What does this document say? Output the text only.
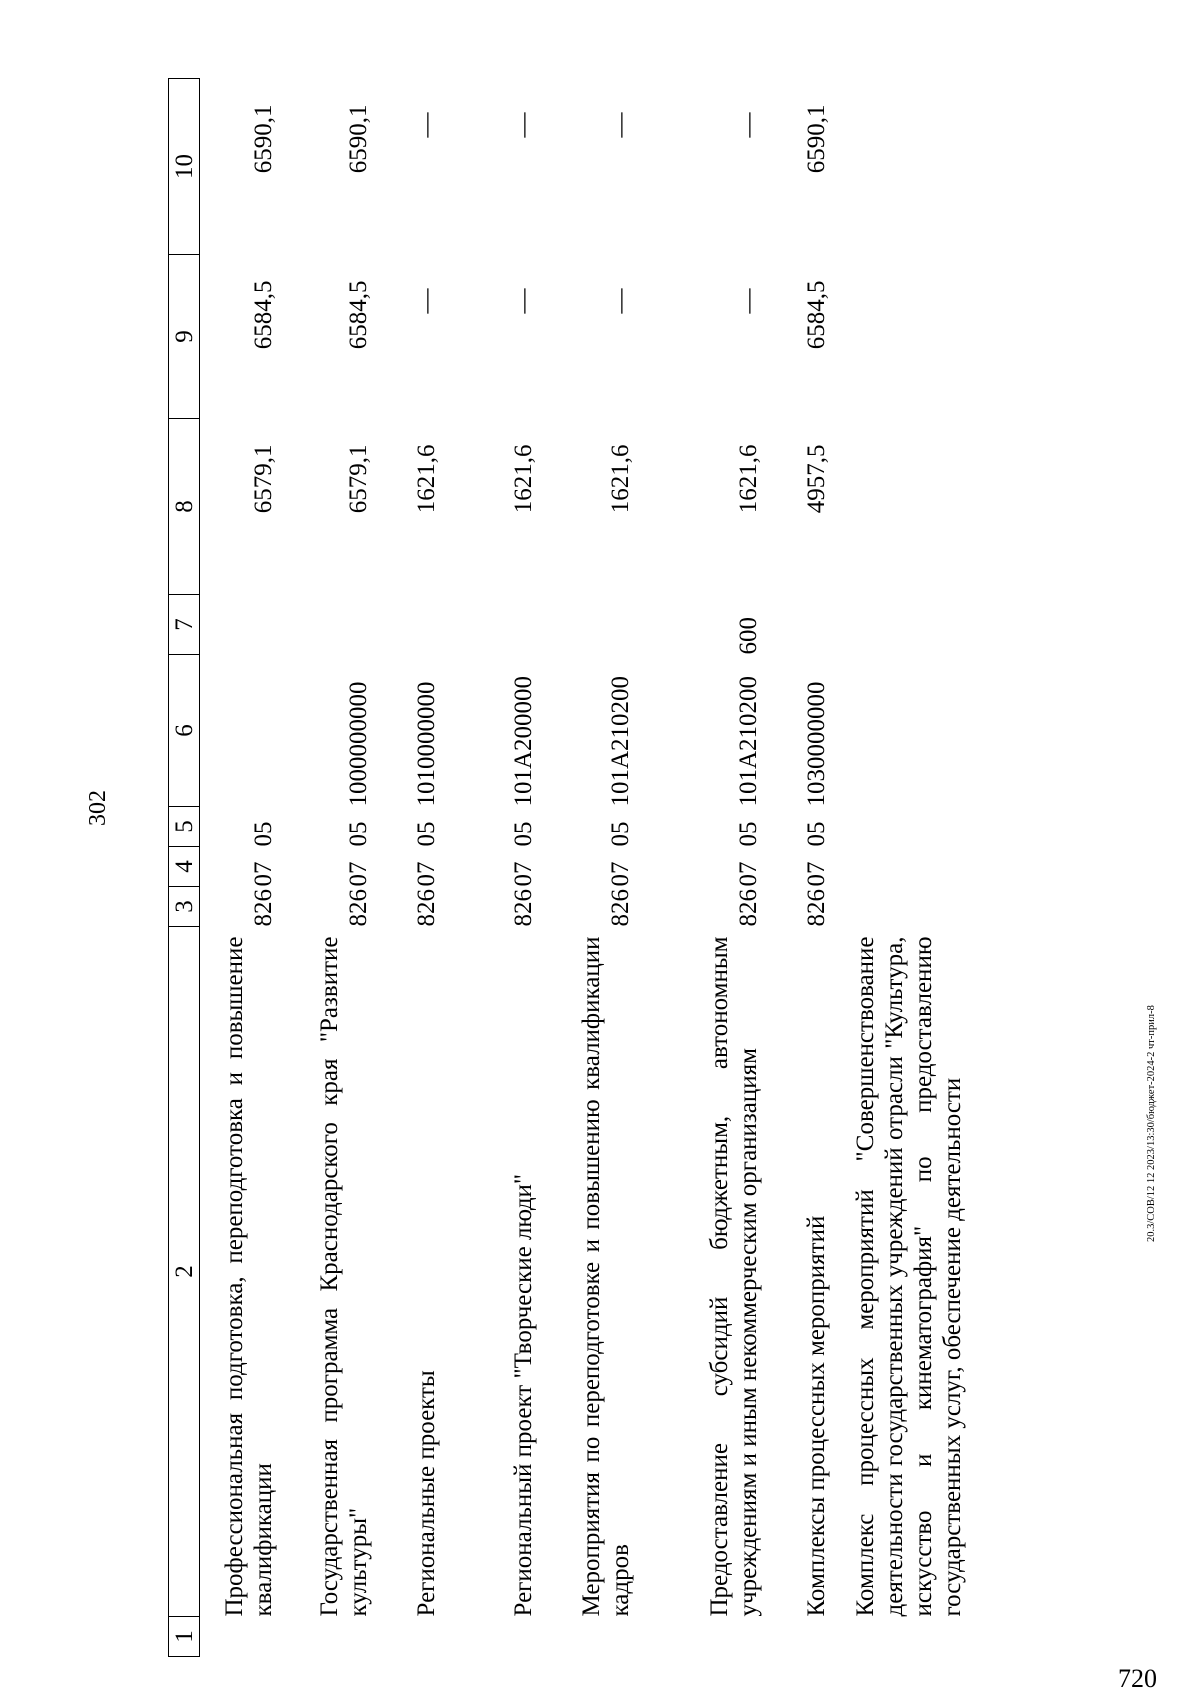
302
20.3/СОВ/12 12 2023/13:30/бюджет-2024-2 чт-прил-8
720
1	2	3	4	5	6	7	8	9	10
	Профессиональная подготовка, переподготовка и повышение квалификации	826	07	05			6579,1	6584,5	6590,1
	Государственная программа Краснодарского края "Развитие культуры"	826	07	05	1000000000		6579,1	6584,5	6590,1
	Региональные проекты	826	07	05	1010000000		1621,6	—	—
	Региональный проект "Творческие люди"	826	07	05	101A200000		1621,6	—	—
	Мероприятия по переподготовке и повышению квалификации кадров	826	07	05	101A210200		1621,6	—	—
	Предоставление субсидий бюджетным, автономным учреждениям и иным некоммерческим организациям	826	07	05	101A210200	600	1621,6	—	—
	Комплексы процессных мероприятий	826	07	05	1030000000		4957,5	6584,5	6590,1
	Комплекс процессных мероприятий "Совершенствование деятельности государственных учреждений отрасли "Культура, искусство и кинематография" по предоставлению государственных услуг, обеспечение деятельности								
